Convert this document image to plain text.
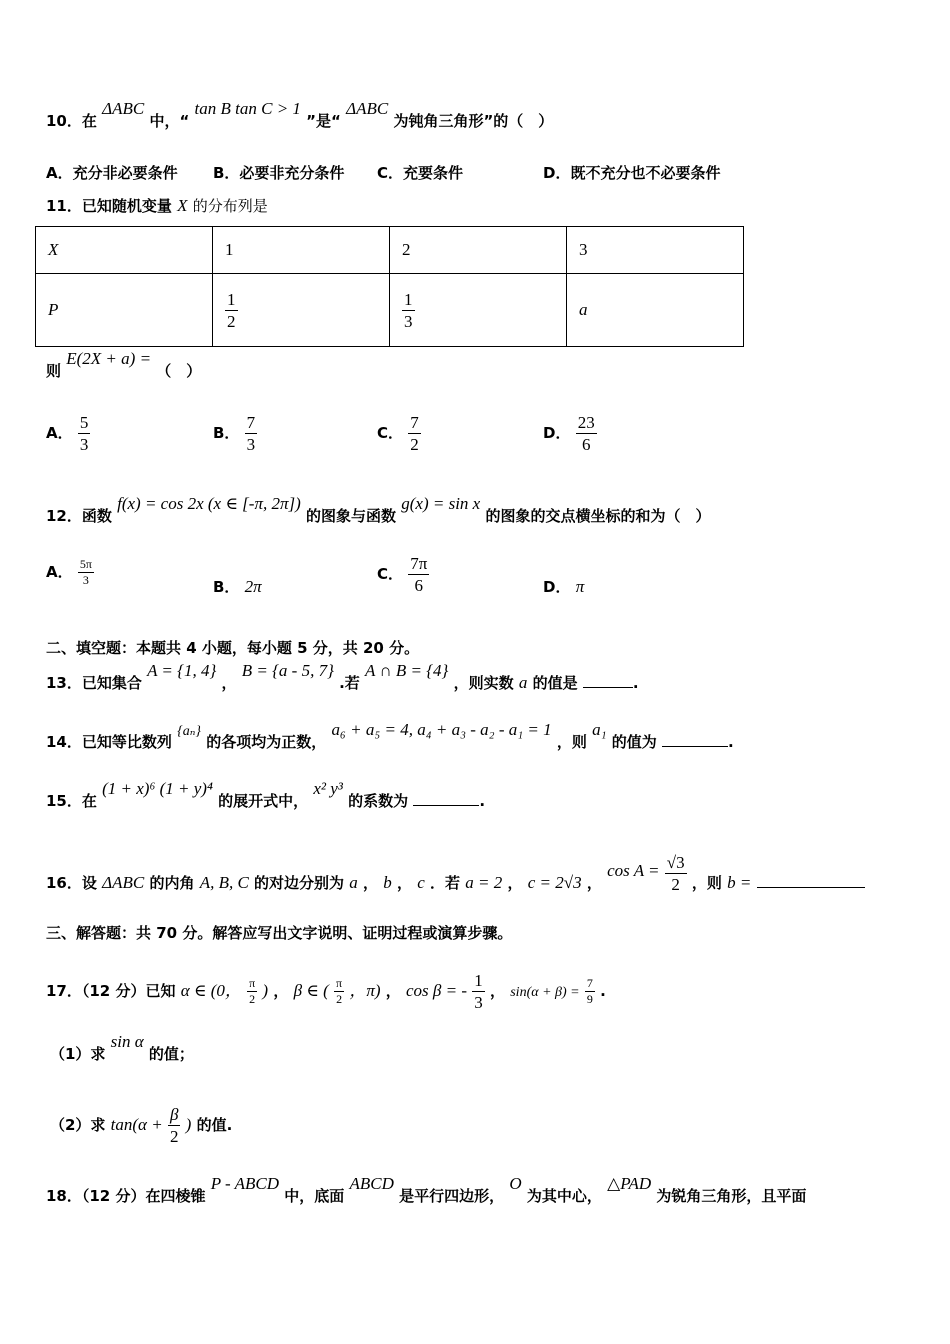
10．在 ΔABC 中，“ tan B tan C > 1 ”是“ ΔABC 为钝角三角形”的（　）
A．充分非必要条件 B．必要非充分条件 C．充要条件	D．既不充分也不必要条件
11．已知随机变量 X 的分布列是
X	1	2	3
P	$\frac{1}{2}$	$\frac{1}{3}$	a
则 E(2X + a) = （　）
A． $\frac{5}{3}$	B． $\frac{7}{3}$	C． $\frac{7}{2}$	D． $\frac{23}{6}$
12．函数 f(x) = cos 2x (x ∈ [-π, 2π]) 的图象与函数 g(x) = sin x 的图象的交点横坐标的和为（　）
A． $\frac{5\pi}{3}$	B． 2π
C． $\frac{7\pi}{6}$	D． π
二、填空题：本题共 4 小题，每小题 5 分，共 20 分。
13．已知集合 A = {1, 4} ， B = {a - 5, 7} .若 A ∩ B = {4} ，则实数 a 的值是	.
14．已知等比数列 {aₙ} 的各项均为正数， a₆ + a₅ = 4, a₄ + a₃ - a₂ - a₁ = 1 ，则 a₁ 的值为	.
15．在 (1 + x)⁶ (1 + y)⁴ 的展开式中， x² y³ 的系数为	.
16．设 ΔABC 的内角 A, B, C 的对边分别为 a ， b ， c ．若 a = 2 ， c = 2√3 ， $\cos A = \frac{√3}{2}$ ，则 b =
三、解答题：共 70 分。解答应写出文字说明、证明过程或演算步骤。
17．（12 分）已知 α ∈ (0， $\frac{\pi}{2}$ ) ， β ∈ ( $\frac{\pi}{2}$ ，π) ， cos β = - $\frac{1}{3}$ ， $\sin(\alpha + \beta) = \frac{7}{9}$ .
（1）求 sin α 的值；
（2）求 $\tan(\alpha + \frac{\beta}{2}$ ) 的值.
18．（12 分）在四棱锥 P - ABCD 中，底面 ABCD 是平行四边形， O 为其中心， △PAD 为锐角三角形，且平面
